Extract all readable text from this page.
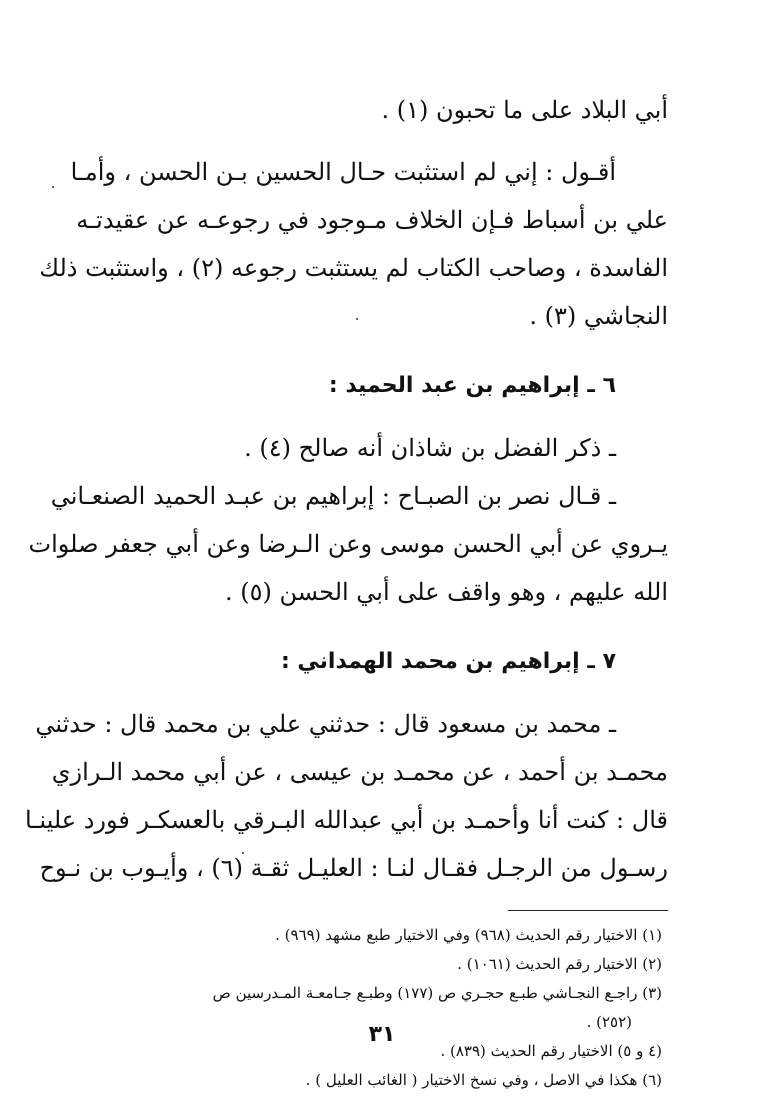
أبي البلاد على ما تحبون (١) .
أقـول : إني لم استثبت حـال الحسين بـن الحسن ، وأمـا
علي بن أسباط فـإن الخلاف مـوجود في رجوعـه عن عقيدتـه
الفاسدة ، وصاحب الكتاب لم يستثبت رجوعه (٢) ، واستثبت ذلك
النجاشي (٣) .
٦ ـ إبراهيم بن عبد الحميد :
ـ ذكر الفضل بن شاذان أنه صالح (٤) .
ـ قـال نصر بن الصبـاح : إبراهيم بن عبـد الحميد الصنعـاني
يـروي عن أبي الحسن موسى وعن الـرضا وعن أبي جعفر صلوات
الله عليهم ، وهو واقف على أبي الحسن (٥) .
٧ ـ إبراهيم بن محمد الهمداني :
ـ محمد بن مسعود قال : حدثني علي بن محمد قال : حدثني
محمـد بن أحمد ، عن محمـد بن عيسى ، عن أبي محمد الـرازي
قال : كنت أنا وأحمـد بن أبي عبدالله البـرقي بالعسكـر فورد علينـا
رسـول من الرجـل فقـال لنـا : العليـل ثقـة (٦) ، وأيـوب بن نـوح
(١) الاختيار رقم الحديث (٩٦٨) وفي الاختيار طبع مشهد (٩٦٩) .
(٢) الاختيار رقم الحديث (١٠٦١) .
(٣) راجـع النجـاشي طبـع حجـري ص (١٧٧) وطبـع جـامعـة المـدرسين ص
(٢٥٢) .
(٤ و ٥) الاختيار رقم الحديث (٨٣٩) .
(٦) هكذا في الاصل ، وفي نسخ الاختيار ( الغائب العليل ) .
٣١
